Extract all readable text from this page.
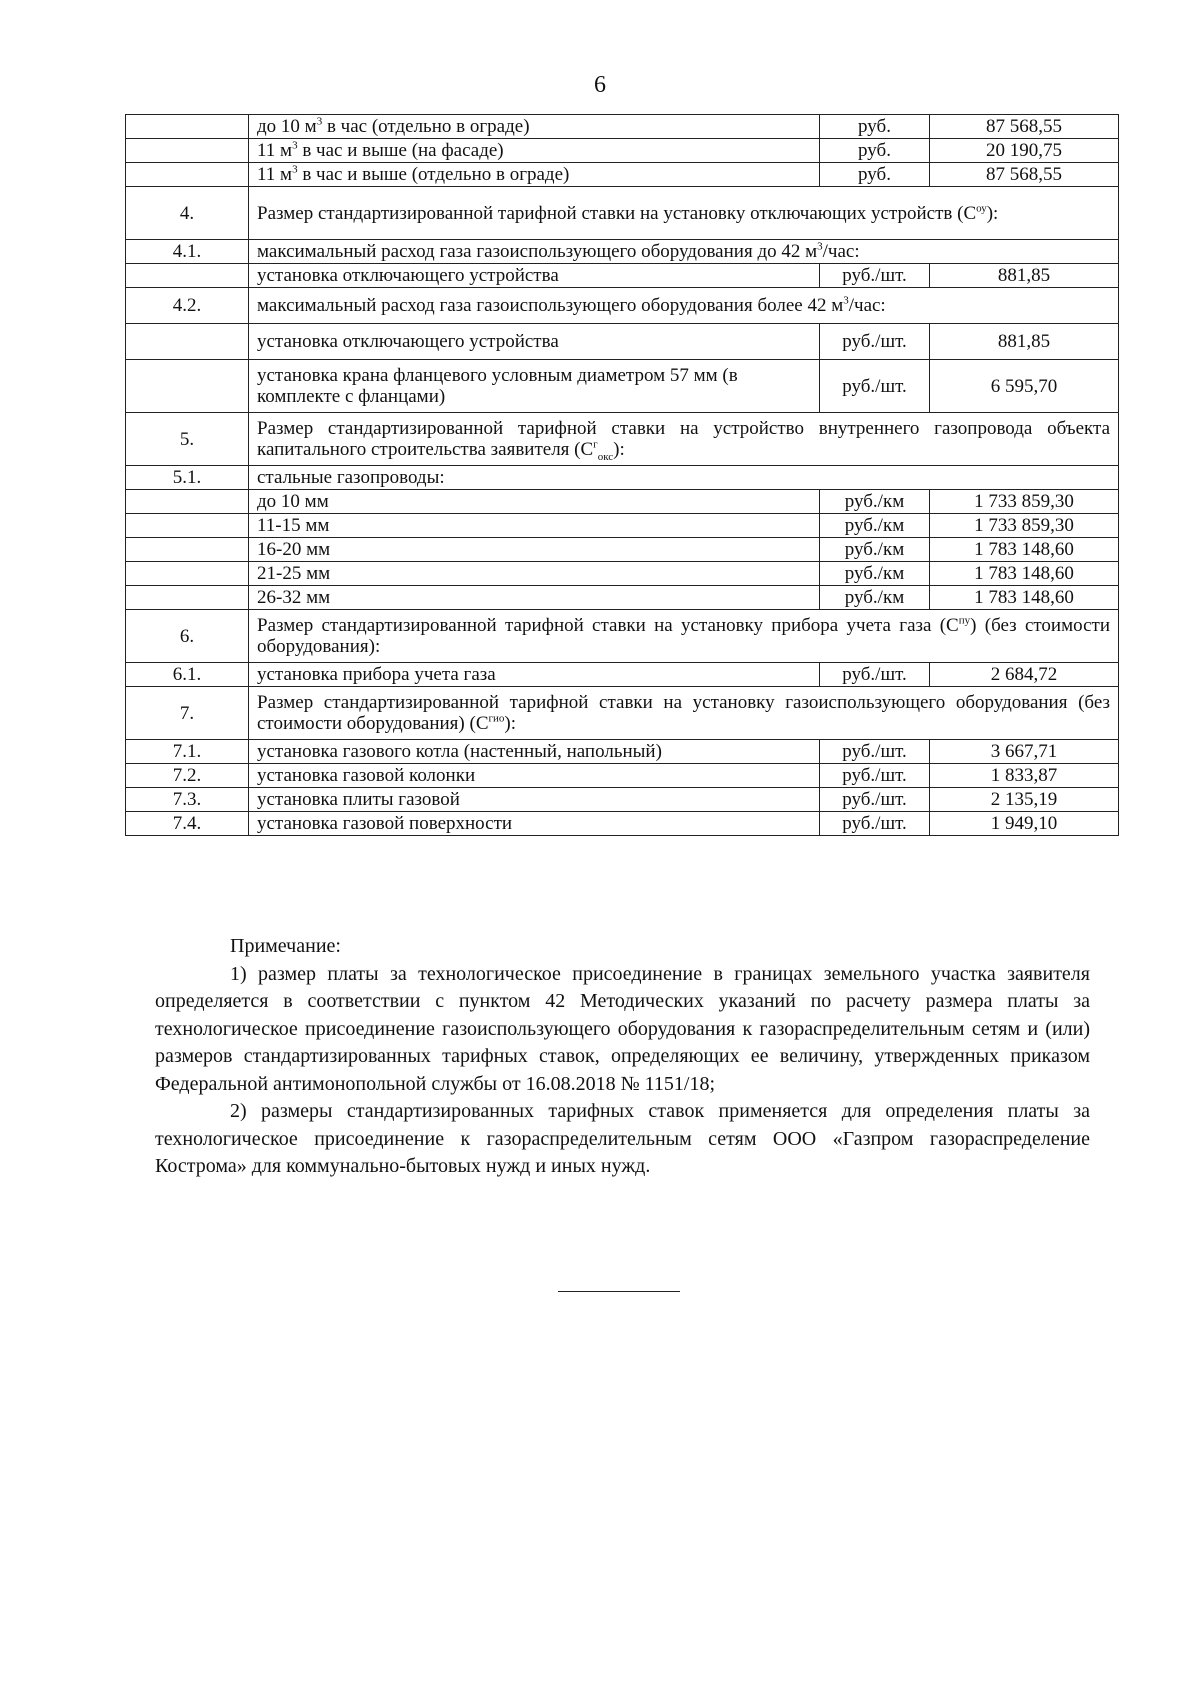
6
	до 10 $м^3$ в час (отдельно в ограде)	руб.	87 568,55
	11 $м^3$ в час и выше (на фасаде)	руб.	20 190,75
	11 $м^3$ в час и выше (отдельно в ограде)	руб.	87 568,55
4.	Размер стандартизированной тарифной ставки на установку отключающих устройств $(С^{оу})$:		
4.1.	максимальный расход газа газоиспользующего оборудования до 42 $м^3$/час:		
	установка отключающего устройства	руб./шт.	881,85
4.2.	максимальный расход газа газоиспользующего оборудования более 42 $м^3$/час:		
	установка отключающего устройства	руб./шт.	881,85
	установка крана фланцевого условным диаметром 57 мм (в комплекте с фланцами)	руб./шт.	6 595,70
5.	Размер стандартизированной тарифной ставки на устройство внутреннего газопровода объекта капитального строительства заявителя $(С^г_{окс})$:		
5.1.	стальные газопроводы:		
	до 10 мм	руб./км	1 733 859,30
	11-15 мм	руб./км	1 733 859,30
	16-20 мм	руб./км	1 783 148,60
	21-25 мм	руб./км	1 783 148,60
	26-32 мм	руб./км	1 783 148,60
6.	Размер стандартизированной тарифной ставки на установку прибора учета газа $(С^{пу})$ (без стоимости оборудования):		
6.1.	установка прибора учета газа	руб./шт.	2 684,72
7.	Размер стандартизированной тарифной ставки на установку газоиспользующего оборудования (без стоимости оборудования) $(С^{гио})$:		
7.1.	установка газового котла (настенный, напольный)	руб./шт.	3 667,71
7.2.	установка газовой колонки	руб./шт.	1 833,87
7.3.	установка плиты газовой	руб./шт.	2 135,19
7.4.	установка газовой поверхности	руб./шт.	1 949,10

Примечание:

1) размер платы за технологическое присоединение в границах земельного участка заявителя определяется в соответствии с пунктом 42 Методических указаний по расчету размера платы за технологическое присоединение газоиспользующего оборудования к газораспределительным сетям и (или) размеров стандартизированных тарифных ставок, определяющих ее величину, утвержденных приказом Федеральной антимонопольной службы от 16.08.2018 № 1151/18;

2) размеры стандартизированных тарифных ставок применяется для определения платы за технологическое присоединение к газораспределительным сетям ООО «Газпром газораспределение Кострома» для коммунально-бытовых нужд и иных нужд.
